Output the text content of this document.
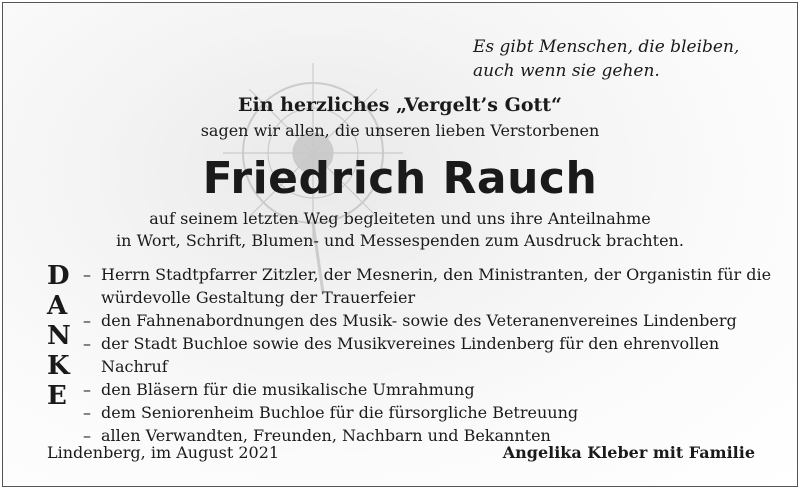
Es gibt Menschen, die bleiben,
auch wenn sie gehen.
Ein herzliches „Vergelt’s Gott“
sagen wir allen, die unseren lieben Verstorbenen
Friedrich Rauch
auf seinem letzten Weg begleiteten und uns ihre Anteilnahme
in Wort, Schrift, Blumen- und Messespenden zum Ausdruck brachten.
D
A
N
K
E
– Herrn Stadtpfarrer Zitzler, der Mesnerin, den Ministranten, der Organistin für die würdevolle Gestaltung der Trauerfeier
– den Fahnenabordnungen des Musik- sowie des Veteranenvereines Lindenberg
– der Stadt Buchloe sowie des Musikvereines Lindenberg für den ehrenvollen Nachruf
– den Bläsern für die musikalische Umrahmung
– dem Seniorenheim Buchloe für die fürsorgliche Betreuung
– allen Verwandten, Freunden, Nachbarn und Bekannten
Lindenberg, im August 2021	Angelika Kleber mit Familie
